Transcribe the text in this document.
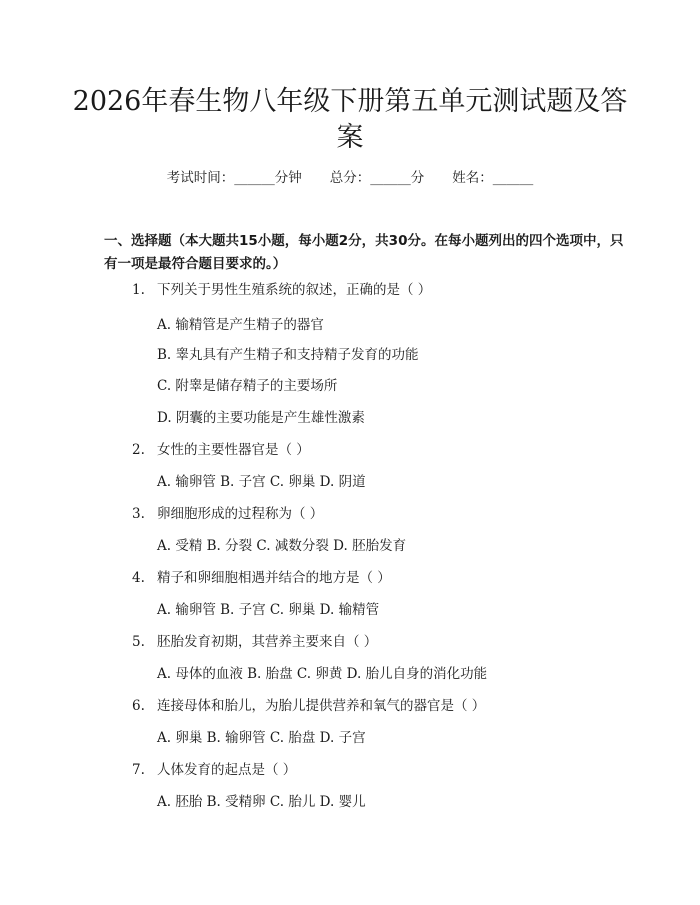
2026年春生物八年级下册第五单元测试题及答案
考试时间：______分钟 总分：______分 姓名：______

一、选择题（本大题共15小题，每小题2分，共30分。在每小题列出的四个选项中，只有一项是最符合题目要求的。）

1. 下列关于男性生殖系统的叙述，正确的是（ ）
A. 输精管是产生精子的器官
B. 睾丸具有产生精子和支持精子发育的功能
C. 附睾是储存精子的主要场所
D. 阴囊的主要功能是产生雄性激素
2. 女性的主要性器官是（ ）
A. 输卵管 B. 子宫 C. 卵巢 D. 阴道
3. 卵细胞形成的过程称为（ ）
A. 受精 B. 分裂 C. 减数分裂 D. 胚胎发育
4. 精子和卵细胞相遇并结合的地方是（ ）
A. 输卵管 B. 子宫 C. 卵巢 D. 输精管
5. 胚胎发育初期，其营养主要来自（ ）
A. 母体的血液 B. 胎盘 C. 卵黄 D. 胎儿自身的消化功能
6. 连接母体和胎儿，为胎儿提供营养和氧气的器官是（ ）
A. 卵巢 B. 输卵管 C. 胎盘 D. 子宫
7. 人体发育的起点是（ ）
A. 胚胎 B. 受精卵 C. 胎儿 D. 婴儿
